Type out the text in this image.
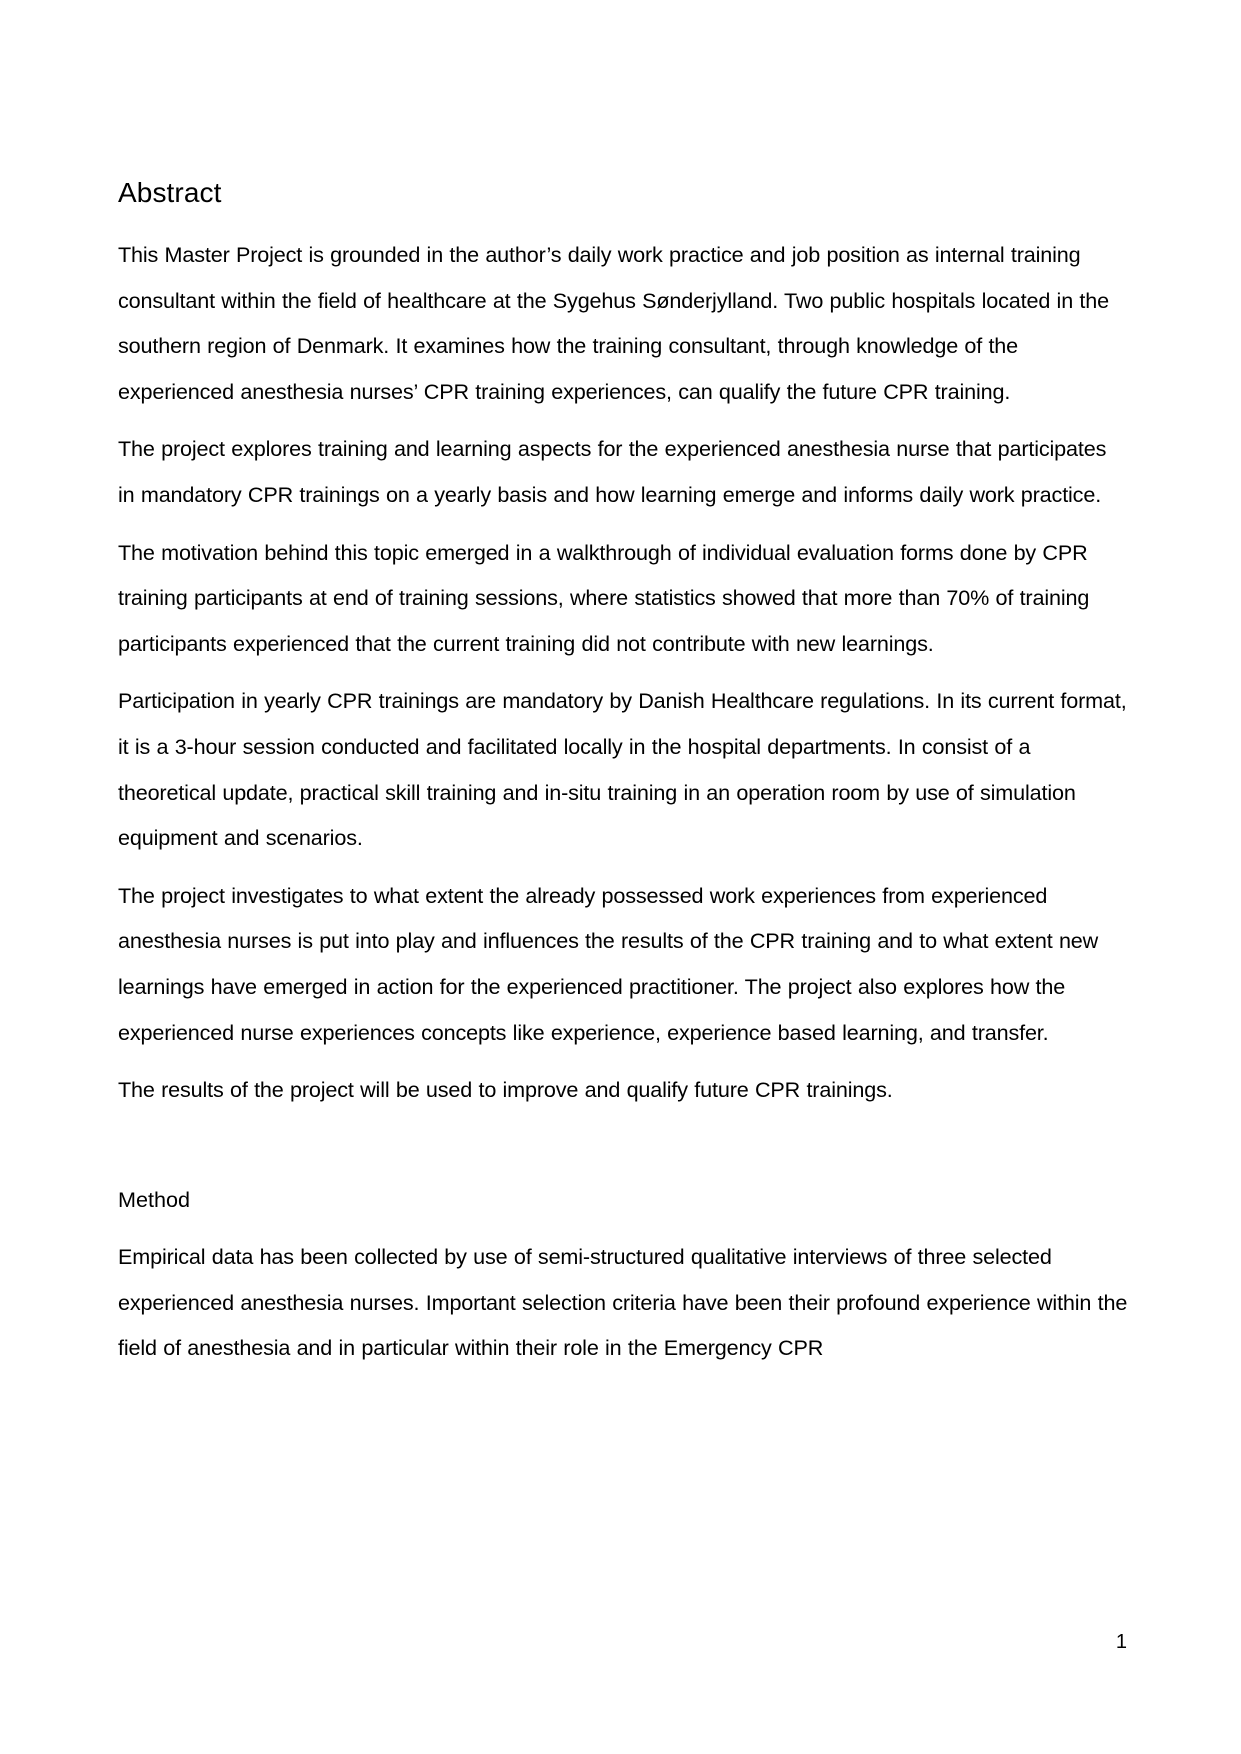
Abstract

This Master Project is grounded in the author’s daily work practice and job position as internal training consultant within the field of healthcare at the Sygehus Sønderjylland. Two public hospitals located in the southern region of Denmark. It examines how the training consultant, through knowledge of the experienced anesthesia nurses’ CPR training experiences, can qualify the future CPR training.

The project explores training and learning aspects for the experienced anesthesia nurse that participates in mandatory CPR trainings on a yearly basis and how learning emerge and informs daily work practice.

The motivation behind this topic emerged in a walkthrough of individual evaluation forms done by CPR training participants at end of training sessions, where statistics showed that more than 70% of training participants experienced that the current training did not contribute with new learnings.

Participation in yearly CPR trainings are mandatory by Danish Healthcare regulations. In its current format, it is a 3-hour session conducted and facilitated locally in the hospital departments. In consist of a theoretical update, practical skill training and in-situ training in an operation room by use of simulation equipment and scenarios.

The project investigates to what extent the already possessed work experiences from experienced anesthesia nurses is put into play and influences the results of the CPR training and to what extent new learnings have emerged in action for the experienced practitioner. The project also explores how the experienced nurse experiences concepts like experience, experience based learning, and transfer.

The results of the project will be used to improve and qualify future CPR trainings.

Method

Empirical data has been collected by use of semi-structured qualitative interviews of three selected experienced anesthesia nurses. Important selection criteria have been their profound experience within the field of anesthesia and in particular within their role in the Emergency CPR

1
